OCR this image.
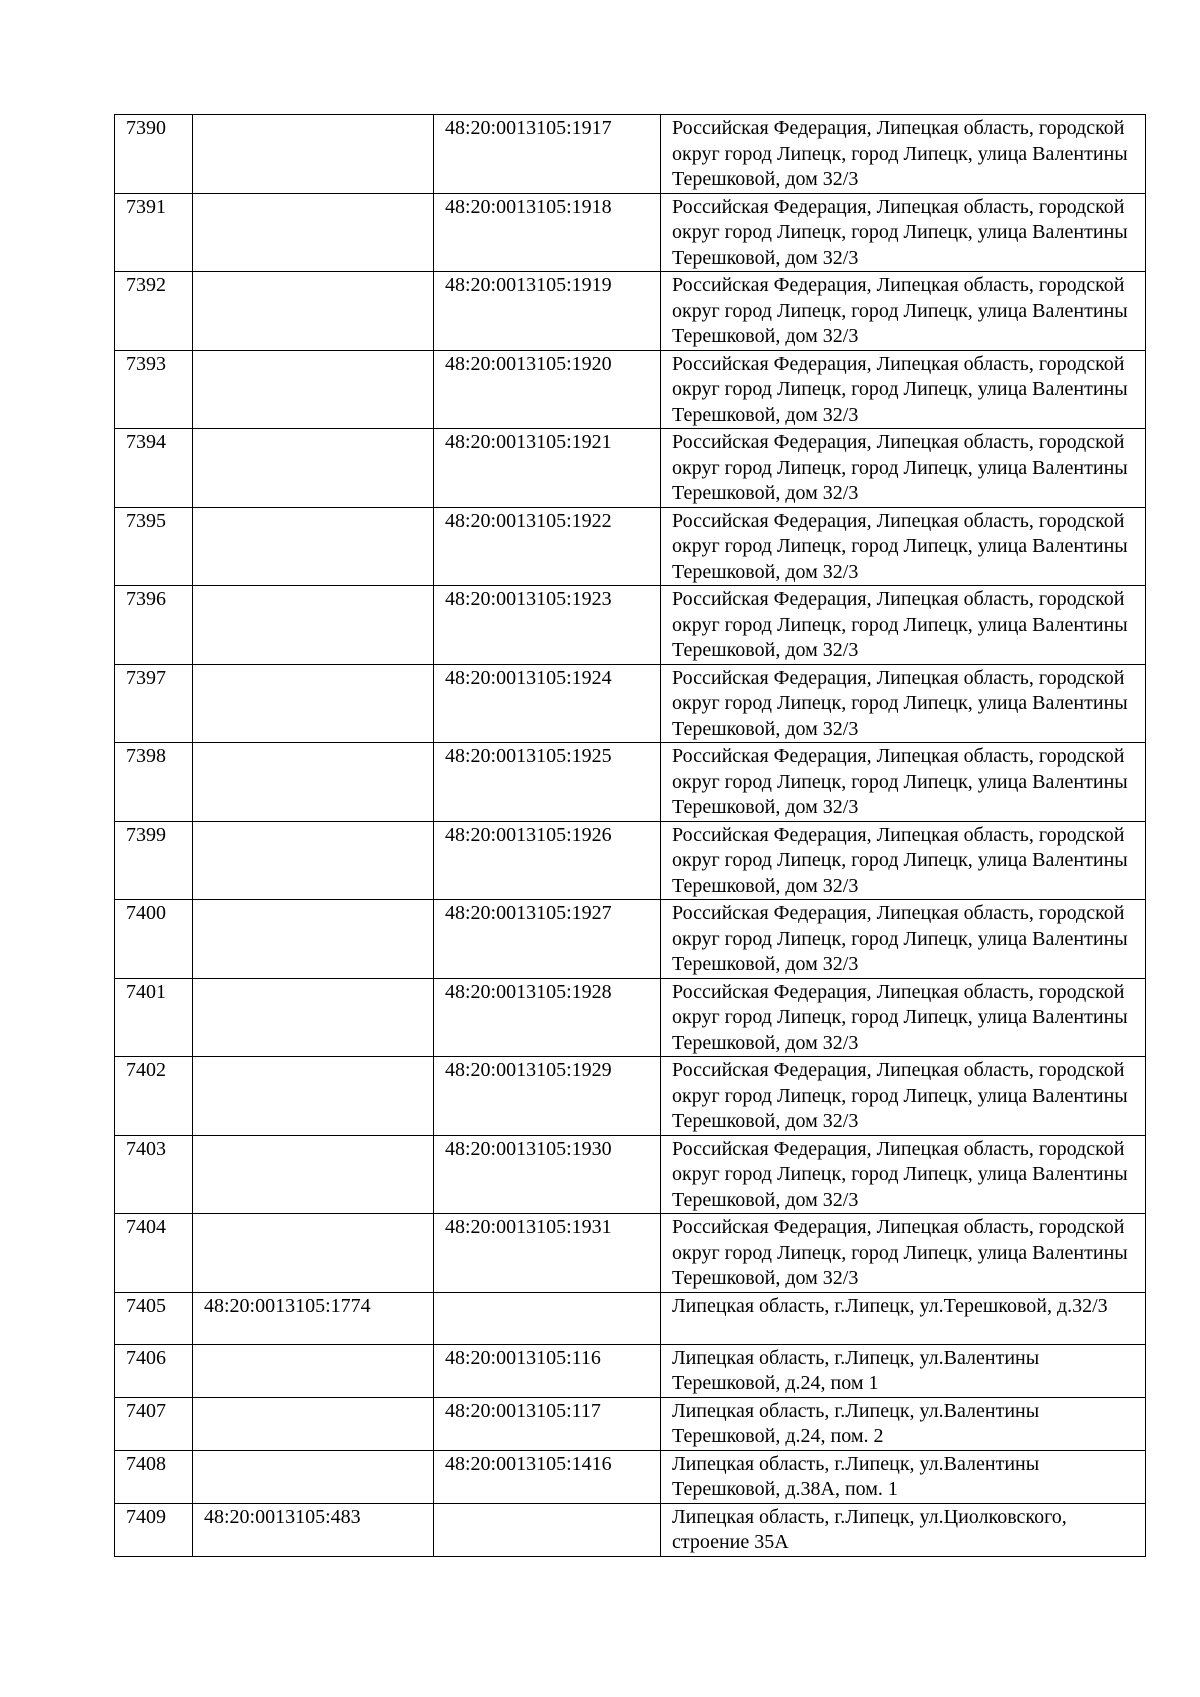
7390		48:20:0013105:1917	Российская Федерация, Липецкая область, городской округ город Липецк, город Липецк, улица Валентины Терешковой, дом 32/3
7391		48:20:0013105:1918	Российская Федерация, Липецкая область, городской округ город Липецк, город Липецк, улица Валентины Терешковой, дом 32/3
7392		48:20:0013105:1919	Российская Федерация, Липецкая область, городской округ город Липецк, город Липецк, улица Валентины Терешковой, дом 32/3
7393		48:20:0013105:1920	Российская Федерация, Липецкая область, городской округ город Липецк, город Липецк, улица Валентины Терешковой, дом 32/3
7394		48:20:0013105:1921	Российская Федерация, Липецкая область, городской округ город Липецк, город Липецк, улица Валентины Терешковой, дом 32/3
7395		48:20:0013105:1922	Российская Федерация, Липецкая область, городской округ город Липецк, город Липецк, улица Валентины Терешковой, дом 32/3
7396		48:20:0013105:1923	Российская Федерация, Липецкая область, городской округ город Липецк, город Липецк, улица Валентины Терешковой, дом 32/3
7397		48:20:0013105:1924	Российская Федерация, Липецкая область, городской округ город Липецк, город Липецк, улица Валентины Терешковой, дом 32/3
7398		48:20:0013105:1925	Российская Федерация, Липецкая область, городской округ город Липецк, город Липецк, улица Валентины Терешковой, дом 32/3
7399		48:20:0013105:1926	Российская Федерация, Липецкая область, городской округ город Липецк, город Липецк, улица Валентины Терешковой, дом 32/3
7400		48:20:0013105:1927	Российская Федерация, Липецкая область, городской округ город Липецк, город Липецк, улица Валентины Терешковой, дом 32/3
7401		48:20:0013105:1928	Российская Федерация, Липецкая область, городской округ город Липецк, город Липецк, улица Валентины Терешковой, дом 32/3
7402		48:20:0013105:1929	Российская Федерация, Липецкая область, городской округ город Липецк, город Липецк, улица Валентины Терешковой, дом 32/3
7403		48:20:0013105:1930	Российская Федерация, Липецкая область, городской округ город Липецк, город Липецк, улица Валентины Терешковой, дом 32/3
7404		48:20:0013105:1931	Российская Федерация, Липецкая область, городской округ город Липецк, город Липецк, улица Валентины Терешковой, дом 32/3
7405	48:20:0013105:1774		Липецкая область, г.Липецк, ул.Терешковой, д.32/3
7406		48:20:0013105:116	Липецкая область, г.Липецк, ул.Валентины Терешковой, д.24, пом 1
7407		48:20:0013105:117	Липецкая область, г.Липецк, ул.Валентины Терешковой, д.24, пом. 2
7408		48:20:0013105:1416	Липецкая область, г.Липецк, ул.Валентины Терешковой, д.38А, пом. 1
7409	48:20:0013105:483		Липецкая область, г.Липецк, ул.Циолковского, строение 35А
